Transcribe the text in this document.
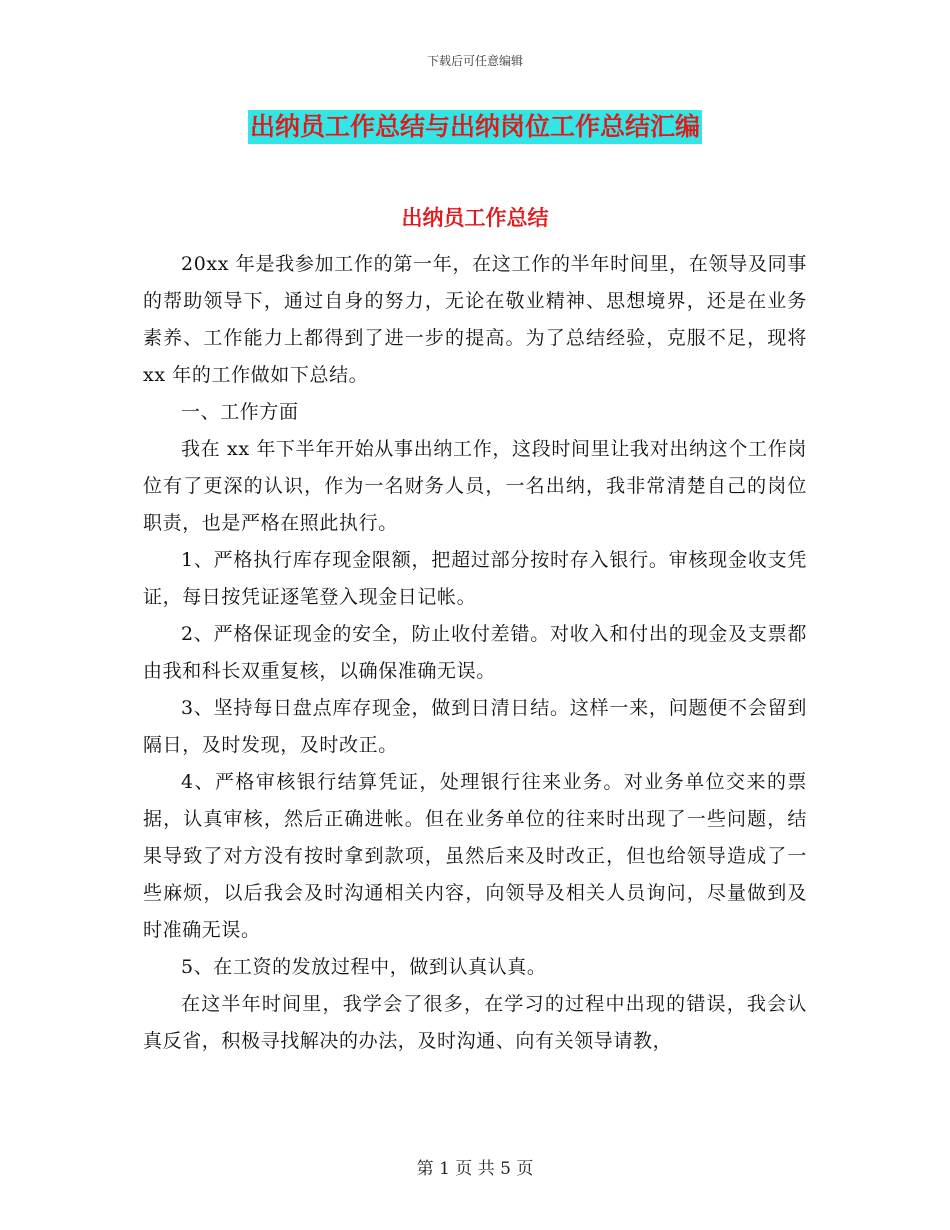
下载后可任意编辑
出纳员工作总结与出纳岗位工作总结汇编
出纳员工作总结

20xx 年是我参加工作的第一年，在这工作的半年时间里，在领导及同事的帮助领导下，通过自身的努力，无论在敬业精神、思想境界，还是在业务素养、工作能力上都得到了进一步的提高。为了总结经验，克服不足，现将 xx 年的工作做如下总结。

一、工作方面

我在 xx 年下半年开始从事出纳工作，这段时间里让我对出纳这个工作岗位有了更深的认识，作为一名财务人员，一名出纳，我非常清楚自己的岗位职责，也是严格在照此执行。

1、严格执行库存现金限额，把超过部分按时存入银行。审核现金收支凭证，每日按凭证逐笔登入现金日记帐。

2、严格保证现金的安全，防止收付差错。对收入和付出的现金及支票都由我和科长双重复核，以确保准确无误。

3、坚持每日盘点库存现金，做到日清日结。这样一来，问题便不会留到隔日，及时发现，及时改正。

4、严格审核银行结算凭证，处理银行往来业务。对业务单位交来的票据，认真审核，然后正确进帐。但在业务单位的往来时出现了一些问题，结果导致了对方没有按时拿到款项，虽然后来及时改正，但也给领导造成了一些麻烦，以后我会及时沟通相关内容，向领导及相关人员询问，尽量做到及时准确无误。

5、在工资的发放过程中，做到认真认真。

在这半年时间里，我学会了很多，在学习的过程中出现的错误，我会认真反省，积极寻找解决的办法，及时沟通、向有关领导请教，

第 1 页 共 5 页
